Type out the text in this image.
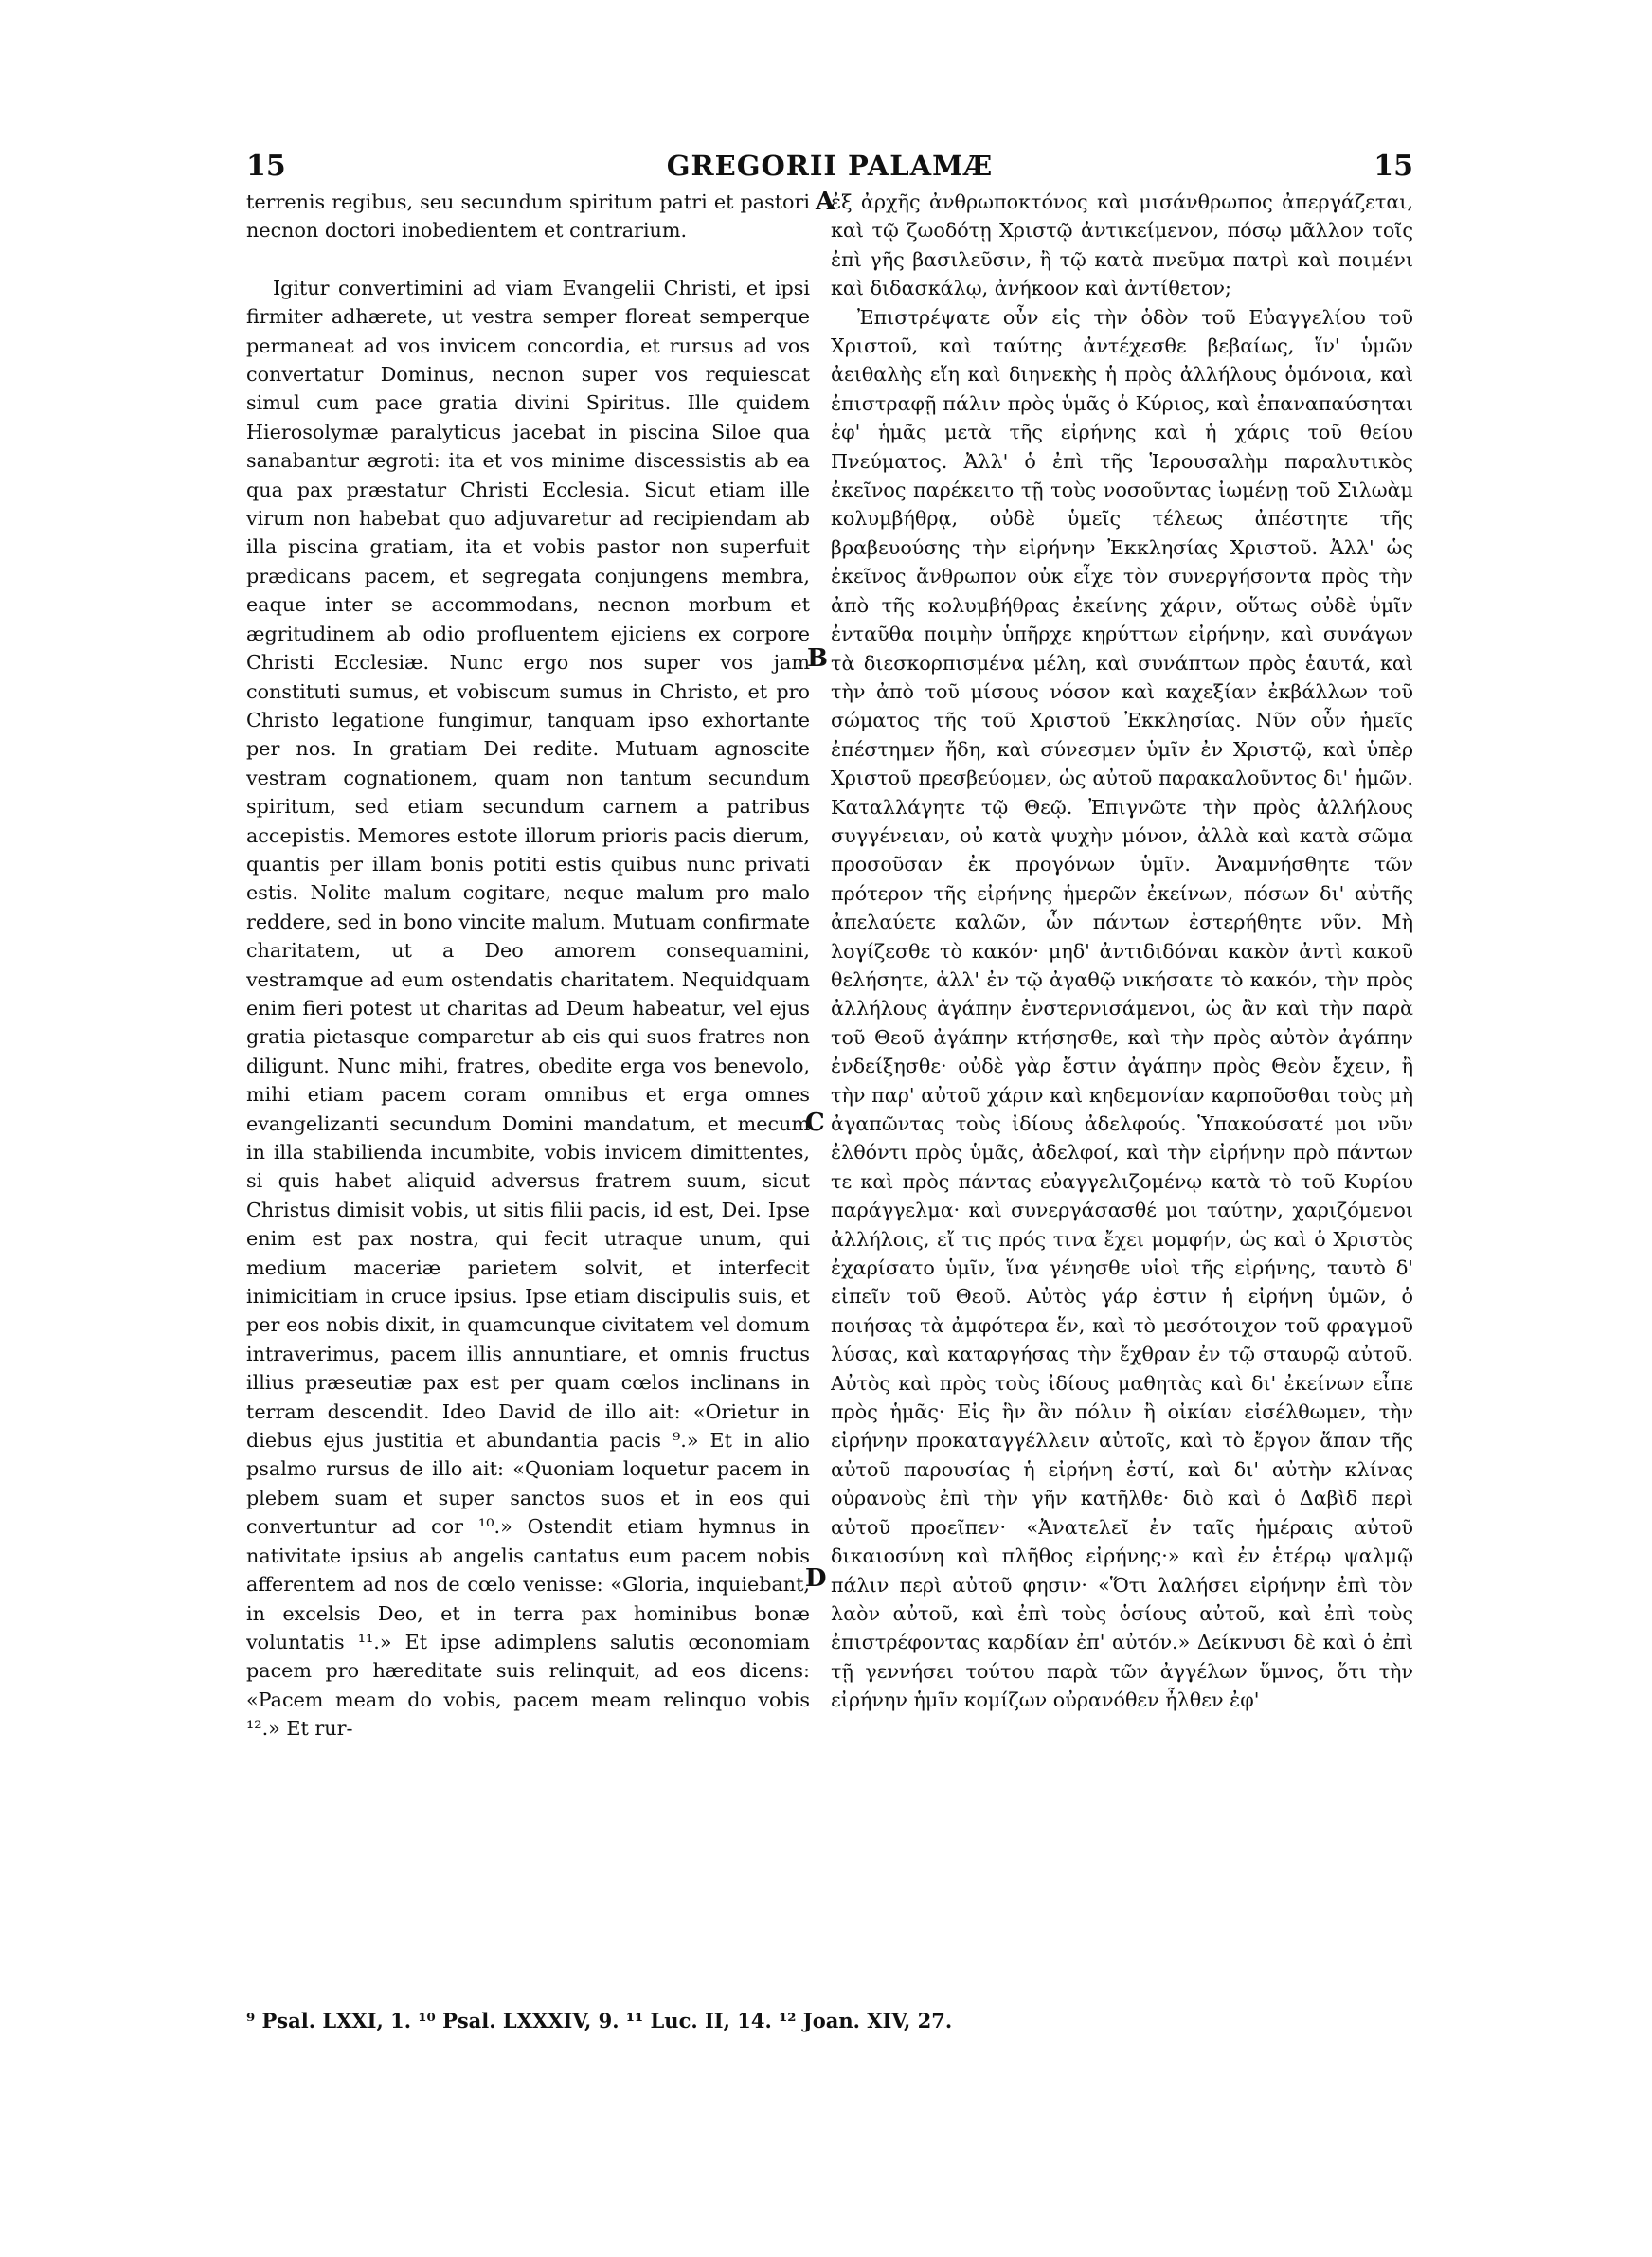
15	GREGORII PALAMÆ	15

terrenis regibus, seu secundum spiritum patri et pastori necnon doctori inobedientem et contrarium.

Igitur convertimini ad viam Evangelii Christi, et ipsi firmiter adhærete, ut vestra semper floreat semperque permaneat ad vos invicem concordia, et rursus ad vos convertatur Dominus, necnon super vos requiescat simul cum pace gratia divini Spiritus. Ille quidem Hierosolymæ paralyticus jacebat in piscina Siloe qua sanabantur ægroti: ita et vos minime discessistis ab ea qua pax præstatur Christi Ecclesia. Sicut etiam ille virum non habebat quo adjuvaretur ad recipiendam ab illa piscina gratiam, ita et vobis pastor non superfuit prædicans pacem, et segregata conjungens membra, eaque inter se accommodans, necnon morbum et ægritudinem ab odio profluentem ejiciens ex corpore Christi Ecclesiæ. Nunc ergo nos super vos jam constituti sumus, et vobiscum sumus in Christo, et pro Christo legatione fungimur, tanquam ipso exhortante per nos. In gratiam Dei redite. Mutuam agnoscite vestram cognationem, quam non tantum secundum spiritum, sed etiam secundum carnem a patribus accepistis. Memores estote illorum prioris pacis dierum, quantis per illam bonis potiti estis quibus nunc privati estis. Nolite malum cogitare, neque malum pro malo reddere, sed in bono vincite malum. Mutuam confirmate charitatem, ut a Deo amorem consequamini, vestramque ad eum ostendatis charitatem. Nequidquam enim fieri potest ut charitas ad Deum habeatur, vel ejus gratia pietasque comparetur ab eis qui suos fratres non diligunt. Nunc mihi, fratres, obedite erga vos benevolo, mihi etiam pacem coram omnibus et erga omnes evangelizanti secundum Domini mandatum, et mecum in illa stabilienda incumbite, vobis invicem dimittentes, si quis habet aliquid adversus fratrem suum, sicut Christus dimisit vobis, ut sitis filii pacis, id est, Dei. Ipse enim est pax nostra, qui fecit utraque unum, qui medium maceriæ parietem solvit, et interfecit inimicitiam in cruce ipsius. Ipse etiam discipulis suis, et per eos nobis dixit, in quamcunque civitatem vel domum intraverimus, pacem illis annuntiare, et omnis fructus illius præseutiæ pax est per quam cœlos inclinans in terram descendit. Ideo David de illo ait: «Orietur in diebus ejus justitia et abundantia pacis ⁹.» Et in alio psalmo rursus de illo ait: «Quoniam loquetur pacem in plebem suam et super sanctos suos et in eos qui convertuntur ad cor ¹⁰.» Ostendit etiam hymnus in nativitate ipsius ab angelis cantatus eum pacem nobis afferentem ad nos de cœlo venisse: «Gloria, inquiebant, in excelsis Deo, et in terra pax hominibus bonæ voluntatis ¹¹.» Et ipse adimplens salutis œconomiam pacem pro hæreditate suis relinquit, ad eos dicens: «Pacem meam do vobis, pacem meam relinquo vobis ¹².» Et rur-

A
B
C
D

ἐξ ἀρχῆς ἀνθρωποκτόνος καὶ μισάνθρωπος ἀπεργάζεται, καὶ τῷ ζωοδότῃ Χριστῷ ἀντικείμενον, πόσῳ μᾶλλον τοῖς ἐπὶ γῆς βασιλεῦσιν, ἢ τῷ κατὰ πνεῦμα πατρὶ καὶ ποιμένι καὶ διδασκάλῳ, ἀνήκοον καὶ ἀντίθετον;

Ἐπιστρέψατε οὖν εἰς τὴν ὁδὸν τοῦ Εὐαγγελίου τοῦ Χριστοῦ, καὶ ταύτης ἀντέχεσθε βεβαίως, ἵν' ὑμῶν ἀειθαλὴς εἴη καὶ διηνεκὴς ἡ πρὸς ἀλλήλους ὁμόνοια, καὶ ἐπιστραφῇ πάλιν πρὸς ὑμᾶς ὁ Κύριος, καὶ ἐπαναπαύσηται ἐφ' ἡμᾶς μετὰ τῆς εἰρήνης καὶ ἡ χάρις τοῦ θείου Πνεύματος. Ἀλλ' ὁ ἐπὶ τῆς Ἱερουσαλὴμ παραλυτικὸς ἐκεῖνος παρέκειτο τῇ τοὺς νοσοῦντας ἰωμένῃ τοῦ Σιλωὰμ κολυμβήθρᾳ, οὐδὲ ὑμεῖς τέλεως ἀπέστητε τῆς βραβευούσης τὴν εἰρήνην Ἐκκλησίας Χριστοῦ. Ἀλλ' ὡς ἐκεῖνος ἄνθρωπον οὐκ εἶχε τὸν συνεργήσοντα πρὸς τὴν ἀπὸ τῆς κολυμβήθρας ἐκείνης χάριν, οὕτως οὐδὲ ὑμῖν ἐνταῦθα ποιμὴν ὑπῆρχε κηρύττων εἰρήνην, καὶ συνάγων τὰ διεσκορπισμένα μέλη, καὶ συνάπτων πρὸς ἑαυτά, καὶ τὴν ἀπὸ τοῦ μίσους νόσον καὶ καχεξίαν ἐκβάλλων τοῦ σώματος τῆς τοῦ Χριστοῦ Ἐκκλησίας. Νῦν οὖν ἡμεῖς ἐπέστημεν ἤδη, καὶ σύνεσμεν ὑμῖν ἐν Χριστῷ, καὶ ὑπὲρ Χριστοῦ πρεσβεύομεν, ὡς αὐτοῦ παρακαλοῦντος δι' ἡμῶν. Καταλλάγητε τῷ Θεῷ. Ἐπιγνῶτε τὴν πρὸς ἀλλήλους συγγένειαν, οὐ κατὰ ψυχὴν μόνον, ἀλλὰ καὶ κατὰ σῶμα προσοῦσαν ἐκ προγόνων ὑμῖν. Ἀναμνήσθητε τῶν πρότερον τῆς εἰρήνης ἡμερῶν ἐκείνων, πόσων δι' αὐτῆς ἀπελαύετε καλῶν, ὧν πάντων ἐστερήθητε νῦν. Μὴ λογίζεσθε τὸ κακόν· μηδ' ἀντιδιδόναι κακὸν ἀντὶ κακοῦ θελήσητε, ἀλλ' ἐν τῷ ἀγαθῷ νικήσατε τὸ κακόν, τὴν πρὸς ἀλλήλους ἀγάπην ἐνστερνισάμενοι, ὡς ἂν καὶ τὴν παρὰ τοῦ Θεοῦ ἀγάπην κτήσησθε, καὶ τὴν πρὸς αὐτὸν ἀγάπην ἐνδείξησθε· οὐδὲ γὰρ ἔστιν ἀγάπην πρὸς Θεὸν ἔχειν, ἢ τὴν παρ' αὐτοῦ χάριν καὶ κηδεμονίαν καρποῦσθαι τοὺς μὴ ἀγαπῶντας τοὺς ἰδίους ἀδελφούς. Ὑπακούσατέ μοι νῦν ἐλθόντι πρὸς ὑμᾶς, ἀδελφοί, καὶ τὴν εἰρήνην πρὸ πάντων τε καὶ πρὸς πάντας εὐαγγελιζομένῳ κατὰ τὸ τοῦ Κυρίου παράγγελμα· καὶ συνεργάσασθέ μοι ταύτην, χαριζόμενοι ἀλλήλοις, εἴ τις πρός τινα ἔχει μομφήν, ὡς καὶ ὁ Χριστὸς ἐχαρίσατο ὑμῖν, ἵνα γένησθε υἱοὶ τῆς εἰρήνης, ταυτὸ δ' εἰπεῖν τοῦ Θεοῦ. Αὐτὸς γάρ ἐστιν ἡ εἰρήνη ὑμῶν, ὁ ποιήσας τὰ ἀμφότερα ἕν, καὶ τὸ μεσότοιχον τοῦ φραγμοῦ λύσας, καὶ καταργήσας τὴν ἔχθραν ἐν τῷ σταυρῷ αὐτοῦ. Αὐτὸς καὶ πρὸς τοὺς ἰδίους μαθητὰς καὶ δι' ἐκείνων εἶπε πρὸς ἡμᾶς· Εἰς ἣν ἂν πόλιν ἢ οἰκίαν εἰσέλθωμεν, τὴν εἰρήνην προκαταγγέλλειν αὐτοῖς, καὶ τὸ ἔργον ἅπαν τῆς αὐτοῦ παρουσίας ἡ εἰρήνη ἐστί, καὶ δι' αὐτὴν κλίνας οὐρανοὺς ἐπὶ τὴν γῆν κατῆλθε· διὸ καὶ ὁ Δαβὶδ περὶ αὐτοῦ προεῖπεν· «Ἀνατελεῖ ἐν ταῖς ἡμέραις αὐτοῦ δικαιοσύνη καὶ πλῆθος εἰρήνης·» καὶ ἐν ἑτέρῳ ψαλμῷ πάλιν περὶ αὐτοῦ φησιν· «Ὅτι λαλήσει εἰρήνην ἐπὶ τὸν λαὸν αὐτοῦ, καὶ ἐπὶ τοὺς ὁσίους αὐτοῦ, καὶ ἐπὶ τοὺς ἐπιστρέφοντας καρδίαν ἐπ' αὐτόν.» Δείκνυσι δὲ καὶ ὁ ἐπὶ τῇ γεννήσει τούτου παρὰ τῶν ἀγγέλων ὕμνος, ὅτι τὴν εἰρήνην ἡμῖν κομίζων οὐρανόθεν ἦλθεν ἐφ'

⁹ Psal. LXXI, 1. ¹⁰ Psal. LXXXIV, 9. ¹¹ Luc. II, 14. ¹² Joan. XIV, 27.
